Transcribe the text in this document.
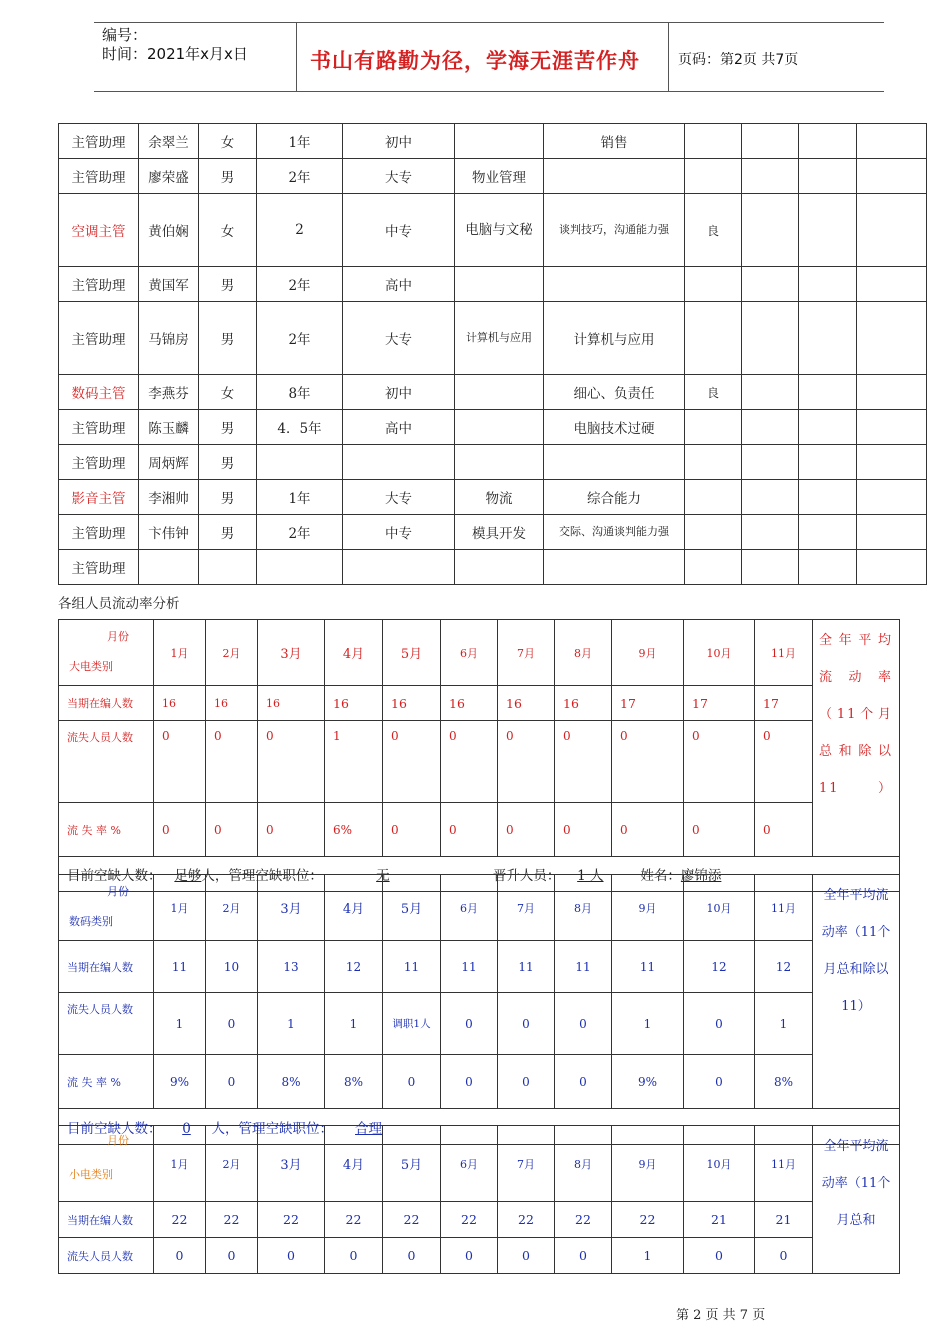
编号：
时间：2021年x月x日	书山有路勤为径，学海无涯苦作舟	页码：第2页 共7页
主管助理	余翠兰	女	1年	初中		销售				
主管助理	廖荣盛	男	2年	大专	物业管理					
空调主管	黄伯娴	女	2	中专	电脑与文秘	谈判技巧，沟通能力强	良			
主管助理	黄国军	男	2年	高中						
主管助理	马锦房	男	2年	大专	计算机与应用	计算机与应用				
数码主管	李燕芬	女	8年	初中		细心、负责任	良			
主管助理	陈玉麟	男	4．5年	高中		电脑技术过硬				
主管助理	周炳辉	男								
影音主管	李湘帅	男	1年	大专	物流	综合能力				
主管助理	卞伟钟	男	2年	中专	模具开发	交际、沟通谈判能力强				
主管助理										
各组人员流动率分析
月份
大电类别	1月	2月	3月	4月	5月	6月	7月	8月	9月	10月	11月	全年平均流动率（11个月总和除以11）	

当期在编人数	16	16	16	16	16	16	16	16	17	17	17		
流失人员人数	0	0	0	1	0	0	0	0	0	0	0		
流 失 率 %	0	0	0	6%	0	0	0	0	0	0	0	
目前空缺人数： 足够人，管理空缺职位： 无 晋升人员： 1 人 姓名：廖锦添													
月份
数码类别	1月	2月	3月	4月	5月	6月	7月	8月	9月	10月	11月	全年平均流动率（11个月总和除以11）	

当期在编人数	11	10	13	12	11	11	11	11	11	12	12		
流失人员人数	1	0	1	1	调职1人	0	0	0	1	0	1		
流 失 率 %	9%	0	8%	8%	0	0	0	0	9%	0	8%	
目前空缺人数： 0 人，管理空缺职位： 合理													
月份
小电类别	1月	2月	3月	4月	5月	6月	7月	8月	9月	10月	11月	全年平均流动率（11个月总和

当期在编人数	22	22	22	22	22	22	22	22	22	21	21	
流失人员人数	0	0	0	0	0	0	0	0	1	0	0	
第 2 页 共 7 页
